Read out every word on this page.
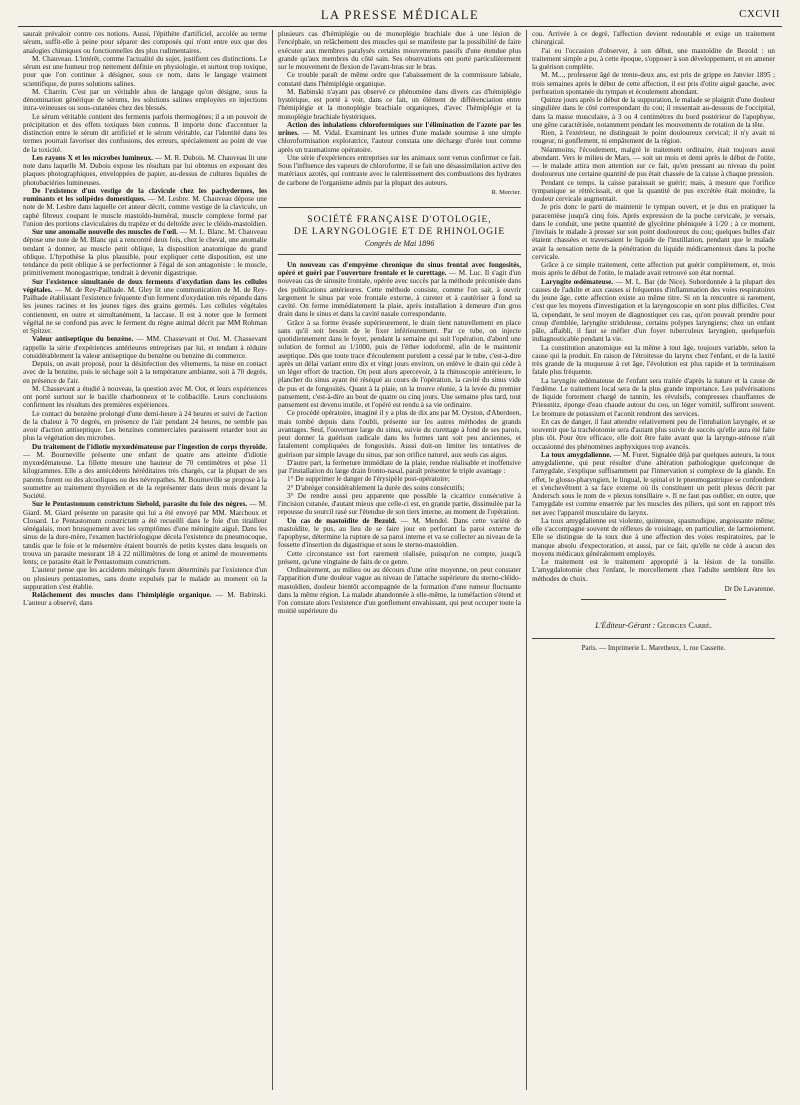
LA PRESSE MÉDICALE	CXCVII

saurait prévaloir contre ces notions. Aussi, l'épithète d'artificiel, accolée au terme sérum, suffit-elle à peine pour séparer des composés qui n'ont entre eux que des analogies chimiques ou fonctionnelles des plus rudimentaires.

M. Chauveau. L'intérêt, comme l'actualité du sujet, justifient ces distinctions. Le sérum est une humeur trop nettement définie en physiologie, et surtout trop toxique, pour que l'on continue à désigner, sous ce nom, dans le langage vraiment scientifique, de pures solutions salines.

M. Charrin. C'est par un véritable abus de langage qu'on désigne, sous la dénomination générique de sérums, les solutions salines employées en injections intra-veineuses ou sous-cutanées chez des blessés.

Le sérum véritable contient des ferments parfois thermogènes; il a un pouvoir de précipitation et des effets toxiques bien connus. Il importe donc d'accentuer la distinction entre le sérum dit artificiel et le sérum véritable, car l'identité dans les termes pourrait favoriser des confusions, des erreurs, spécialement au point de vue de la toxicité.

Les rayons X et les microbes lumineux. — M. R. Dubois. M. Chauveau lit une note dans laquelle M. Dubois expose les résultats par lui obtenus en exposant des plaques photographiques, enveloppées de papier, au-dessus de cultures liquides de photobactéries lumineuses.

De l'existence d'un vestige de la clavicule chez les pachydermes, les ruminants et les solipèdes domestiques. — M. Lesbre. M. Chauveau dépose une note de M. Lesbre dans laquelle cet auteur décrit, comme vestige de la clavicule, un raphé fibreux coupant le muscle mastoïdo-huméral, muscle complexe formé par l'union des portions claviculaires du trapèze et du deltoïde avec le cléido-mastoïdien.

Sur une anomalie nouvelle des muscles de l'œil. — M. L. Blanc. M. Chauveau dépose une note de M. Blanc qui a rencontré deux fois, chez le cheval, une anomalie tendant à donner, au muscle petit oblique, la disposition anatomique du grand oblique. L'hypothèse la plus plausible, pour expliquer cette disposition, est une tendance du petit oblique à se perfectionner à l'égal de son antagoniste : le muscle, primitivement monogastrique, tendrait à devenir digastrique.

Sur l'existence simultanée de deux ferments d'oxydation dans les cellules végétales. — M. de Rey-Pailhade. M. Gley lit une communication de M. de Rey-Pailhade établissant l'existence fréquente d'un ferment d'oxydation très répandu dans les jeunes racines et les jeunes tiges des grains germés. Les cellules végétales contiennent, en outre et simultanément, la laccase. Il est à noter que le ferment végétal ne se confond pas avec le ferment du règne animal décrit par MM Rohman et Spitzer.

Valeur antiseptique du benzène. — MM. Chassevant et Oot. M. Chassevant rappelle la série d'expériences antérieures entreprises par lui, et tendant à réduire considérablement la valeur antiseptique du benzène ou benzine du commerce.

Depuis, on avait proposé, pour la désinfection des vêtements, la mise en contact avec de la benzine, puis le séchage soit à la température ambiante, soit à 70 degrés, en présence de l'air.

M. Chassevant a étudié à nouveau, la question avec M. Oot, et leurs expériences ont porté surtout sur le bacille charbonneux et le colibacille. Leurs conclusions confirment les résultats des premières expériences.

Le contact du benzène prolongé d'une demi-heure à 24 heures et suivi de l'action de la chaleur à 70 degrés, en présence de l'air pendant 24 heures, ne semble pas avoir d'action antiseptique. Les benzines commerciales paraissent retarder tout au plus la végétation des microbes.

Du traitement de l'idiotie myxœdémateuse par l'ingestion de corps thyroïde. — M. Bourneville présente une enfant de quatre ans atteinte d'idiotie myxœdémateuse. La fillette mesure une hauteur de 70 centimètres et pèse 11 kilogrammes. Elle a des antécédents héréditaires très chargés, car la plupart de ses parents furent ou des alcooliques ou des névropathes. M. Bourneville se propose à la soumettre au traitement thyroïdien et de la représenter dans deux mois devant la Société.

Sur le Pentastomum constrictum Siebold, parasite du foie des nègres. — M. Giard. M. Giard présente un parasite qui lui a été envoyé par MM. Marchoux et Clouard. Le Pentastomum constrictum a été recueilli dans le foie d'un tirailleur sénégalais, mort brusquement avec les symptômes d'une méningite aiguë. Dans les sinus de la dure-mère, l'examen bactériologique décela l'existence du pneumocoque, tandis que le foie et le mésentère étaient bourrés de petits kystes dans lesquels on trouva un parasite mesurant 18 à 22 millimètres de long et animé de mouvements lents; ce parasite était le Pentastomum constrictum.

L'auteur pense que les accidents méningés furent déterminés par l'existence d'un ou plusieurs pentastomes, sans doute expulsés par le malade au moment où la suppuration s'est établie.

Relâchement des muscles dans l'hémiplégie organique. — M. Babinski. L'auteur a observé, dans

plusieurs cas d'hémiplégie ou de monoplégie brachiale due à une lésion de l'encéphale, un relâchement des muscles qui se manifeste par la possibilité de faire exécuter aux membres paralysés certains mouvements passifs d'une étendue plus grande qu'aux membres du côté sain. Ses observations ont porté particulièrement sur le mouvement de flexion de l'avant-bras sur le bras.

Ce trouble paraît de même ordre que l'abaissement de la commissure labiale, constaté dans l'hémiplégie organique.

M. Babinski n'ayant pas observé ce phénomène dans divers cas d'hémiplégie hystérique, est porté à voir, dans ce fait, un élément de différenciation entre l'hémiplégie et la monoplégie brachiale organiques, d'avec l'hémiplégie et la monoplégie brachiale hystériques.

Action des inhalations chloroformiques sur l'élimination de l'azote par les urines. — M. Vidal. Examinant les urines d'une malade soumise à une simple chloroformisation exploratrice, l'auteur constata une décharge d'urée tout comme après un traumatisme opératoire.

Une série d'expériences entreprises sur les animaux sont venus confirmer ce fait. Sous l'influence des vapeurs de chloroforme, il se fait une désassimilation active des matériaux azotés, qui contraste avec le ralentissement des combustions des hydrates de carbone de l'organisme admis par la plupart des auteurs.

R. Mercier.
SOCIÉTÉ FRANÇAISE D'OTOLOGIE,
DE LARYNGOLOGIE ET DE RHINOLOGIE
Congrès de Mai 1896

Un nouveau cas d'empyème chronique du sinus frontal avec fongosités, opéré et guéri par l'ouverture frontale et le curettage. — M. Luc. Il s'agit d'un nouveau cas de sinusite frontale, opérée avec succès par la méthode préconisée dans des publications antérieures. Cette méthode consiste, comme l'on sait, à ouvrir largement le sinus par voie frontale externe, à cureter et à cautériser à fond sa cavité. On ferme immédiatement la plaie, après installation à demeure d'un gros drain dans le sinus et dans la cavité nasale correspondante.

Grâce à sa forme évasée supérieurement, le drain tient naturellement en place sans qu'il soit besoin de le fixer inférieurement. Par ce tube, on injecte quotidiennement dans le foyer, pendant la semaine qui suit l'opération, d'abord une solution de formol au 1/1000, puis de l'éther iodoformé, afin de le maintenir aseptique. Dès que toute trace d'écoulement purulent a cessé par le tube, c'est-à-dire après un délai variant entre dix et vingt jours environ, on enlève le drain qui cède à un léger effort de traction. On peut alors apercevoir, à la rhinoscopie antérieure, le plancher du sinus ayant été réséqué au cours de l'opération, la cavité du sinus vide de pus et de fongosités. Quant à la plaie, on la trouve réunie, à la levée du premier pansement, c'est-à-dire au bout de quatre ou cinq jours. Une semaine plus tard, tout pansement est devenu inutile, et l'opéré est rendu à sa vie ordinaire.

Ce procédé opératoire, imaginé il y a plus de dix ans par M. Oyston, d'Aberdeen, mais tombé depuis dans l'oubli, présente sur les autres méthodes de grands avantages. Seul, l'ouverture large du sinus, suivie du curettage à fond de ses parois, peut donner la guérison radicale dans les formes tant soit peu anciennes, et fatalement compliquées de fongosités. Aussi doit-on limiter les tentatives de guérison par simple lavage du sinus, par son orifice naturel, aux seuls cas aigus.

D'autre part, la fermeture immédiate de la plaie, rendue réalisable et inoffensive par l'installation du large drain fronto-nasal, paraît présenter le triple avantage :

1° De supprimer le danger de l'érysipèle post-opératoire;

2° D'abréger considérablement la durée des soins consécutifs;

3° De rendre aussi peu apparente que possible la cicatrice consécutive à l'incision cutanée, d'autant mieux que celle-ci est, en grande partie, dissimulée par la repousse du sourcil rasé sur l'étendue de son tiers interne, au moment de l'opération.

Un cas de mastoïdite de Bezold. — M. Mendel. Dans cette variété de mastoïdite, le pus, au lieu de se faire jour en perforant la paroi externe de l'apophyse, détermine la rupture de sa paroi interne et va se collecter au niveau de la fossette d'insertion du digastrique et sous le sterno-mastoïdien.

Cette circonstance est fort rarement réalisée, puisqu'on ne compte, jusqu'à présent, qu'une vingtaine de faits de ce genre.

Ordinairement, au milieu ou au décours d'une otite moyenne, on peut constater l'apparition d'une douleur vague au niveau de l'attache supérieure du sterno-cléido-mastoïdien, douleur bientôt accompagnée de la formation d'une tumeur fluctuante dans la même région. La malade abandonnée à elle-même, la tuméfaction s'étend et l'on constate alors l'existence d'un gonflement envahissant, qui peut occuper toute la moitié supérieure du

cou. Arrivée à ce degré, l'affection devient redoutable et exige un traitement chirurgical.

J'ai eu l'occasion d'observer, à son début, une mastoïdite de Bezold : un traitement simple a pu, à cette époque, s'opposer à son développement, et en amener la guérison complète.

M. M..., professeur âgé de trente-deux ans, est pris de grippe en Janvier 1895 ; trois semaines après le début de cette affection, il est pris d'otite aiguë gauche, avec perforation spontanée du tympan et écoulement abondant.

Quinze jours après le début de la suppuration, le malade se plaignit d'une douleur singulière dans le côté correspondant du cou; il ressentait au-dessous de l'occipital, dans la masse musculaire, à 3 ou 4 centimètres du bord postérieur de l'apophyse, une gêne caractérisée, notamment pendant les mouvements de rotation de la tête.

Rien, à l'extérieur, ne distinguait le point douloureux cervical; il n'y avait ni rougeur, ni gonflement, ni empâtement de la région.

Néanmoins, l'écoulement, malgré le traitement ordinaire, était toujours aussi abondant. Vers le milieu de Mars, — soit un mois et demi après le début de l'otite, — le malade attira mon attention sur ce fait, qu'en pressant au niveau du point douloureux une certaine quantité de pus était chassée de la caisse à chaque pression.

Pendant ce temps, la caisse paraissait se guérir; mais, à mesure que l'orifice tympanique se rétrécissait, et que la quantité de pus excrétée était moindre, la douleur cervicale augmentait.

Je pris donc le parti de maintenir le tympan ouvert, et je dus en pratiquer la paracentèse jusqu'à cinq fois. Après expression de la poche cervicale, je versais, dans le conduit, une petite quantité de glycérine phéniquée à 1/20 ; à ce moment, j'invitais le malade à presser sur son point douloureux du cou; quelques bulles d'air étaient chassées et traversaient le liquide de l'instillation, pendant que le malade avait la sensation nette de la pénétration du liquide médicamenteux dans la poche cervicale.

Grâce à ce simple traitement, cette affection put guérir complètement, et, trois mois après le début de l'otite, le malade avait retrouvé son état normal.

Laryngite œdémateuse. — M. L. Bar (de Nice). Subordonnée à la plupart des causes de l'adulte et aux causes si fréquentes d'inflammation des voies respiratoires du jeune âge, cette affection existe au même titre. Si on la rencontre si rarement, c'est que les moyens d'investigation et la laryngoscopie en sont plus difficiles. C'est là, cependant, le seul moyen de diagnostiquer ces cas, qu'on pouvait prendre pour croup d'emblée, laryngite striduleuse, certains polypes laryngiens; chez un enfant pâle, affaibli, il faut se méfier d'un foyer tuberculeux laryngien, quelquefois indiagnosticable pendant la vie.

La constitution anatomique est la même à tout âge, toujours variable, selon la cause qui la produit. En raison de l'étroitesse du larynx chez l'enfant, et de la laxité très grande de la muqueuse à cet âge, l'évolution est plus rapide et la terminaison fatale plus fréquente.

La laryngite œdémateuse de l'enfant sera traitée d'après la nature et la cause de l'œdème. Le traitement local sera de la plus grande importance. Les pulvérisations de liquide fortement chargé de tannin, les révulsifs, compresses chauffantes de Priessnitz, éponge d'eau chaude autour du cou, un léger vomitif, suffiront souvent. Le bromure de potassium et l'aconit rendront des services.

En cas de danger, il faut attendre relativement peu de l'intubation laryngée, et se souvenir que la trachéotomie sera d'autant plus suivie de succès qu'elle aura été faite plus tôt. Pour être efficace, elle doit être faite avant que la laryngo-sténose n'ait occasionné des phénomènes asphyxiques trop avancés.

La toux amygdalienne. — M. Furet. Signalée déjà par quelques auteurs, la toux amygdalienne, qui peut résulter d'une altération pathologique quelconque de l'amygdale, s'explique suffisamment par l'innervation si complexe de la glande. En effet, le glosso-pharyngien, le lingual, le spinal et le pneumogastrique se confondent et s'enchevêtrent à sa face externe où ils constituent un petit plexus décrit par Andersch sous le nom de « plexus tonsillaire ». Il ne faut pas oublier, en outre, que l'amygdale est comme enserrée par les muscles des piliers, qui sont en rapport très net avec l'appareil musculaire du larynx.

La toux amygdalienne est violente, quinteuse, spasmodique, angoissante même; elle s'accompagne souvent de réflexes de voisinage, en particulier, de larmoiement. Elle se distingue de la toux due à une affection des voies respiratoires, par le manque absolu d'expectoration, et aussi, par ce fait, qu'elle ne cède à aucun des moyens médicaux généralement employés.

Le traitement est le traitement approprié à la lésion de la tonsille. L'amygdalotomie chez l'enfant, le morcellement chez l'adulte semblent être les méthodes de choix.

Dr De Lavarenne.
L'Éditeur-Gérant : Georges Carré.
Paris. — Imprimerie L. Maretheux, 1, rue Cassette.
